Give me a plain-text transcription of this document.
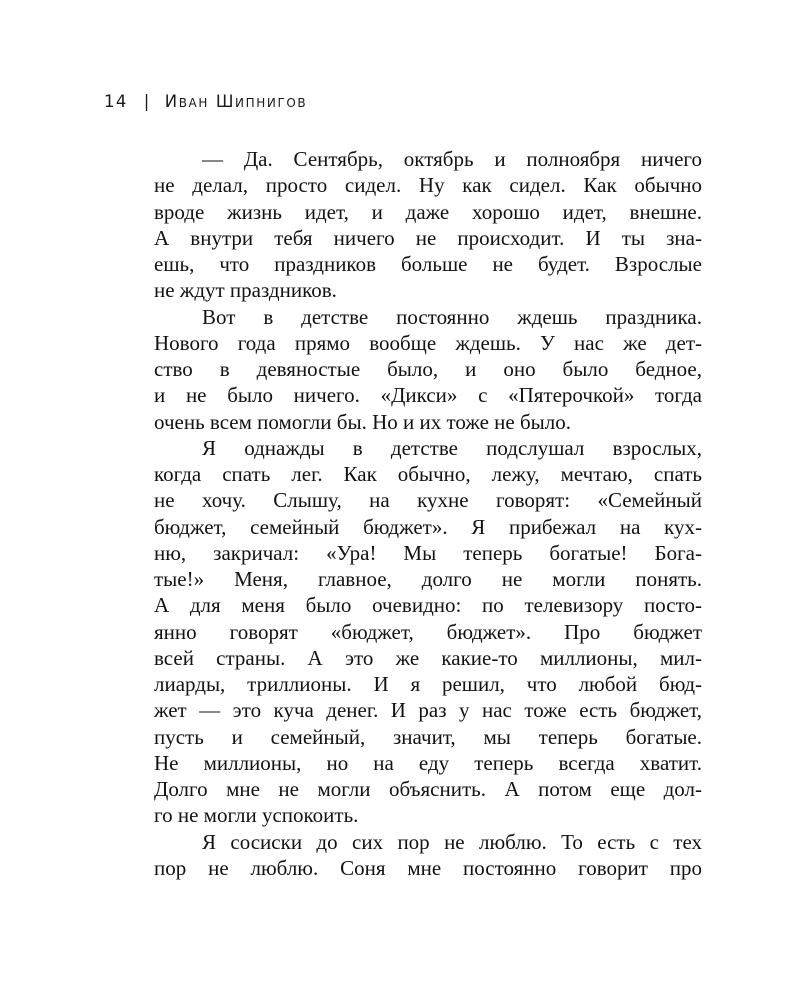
14 | Иван Шипнигов
— Да. Сентябрь, октябрь и полноября ничего
не делал, просто сидел. Ну как сидел. Как обычно
вроде жизнь идет, и даже хорошо идет, внешне.
А внутри тебя ничего не происходит. И ты зна-
ешь, что праздников больше не будет. Взрослые
не ждут праздников.
Вот в детстве постоянно ждешь праздника.
Нового года прямо вообще ждешь. У нас же дет-
ство в девяностые было, и оно было бедное,
и не было ничего. «Дикси» с «Пятерочкой» тогда
очень всем помогли бы. Но и их тоже не было.
Я однажды в детстве подслушал взрослых,
когда спать лег. Как обычно, лежу, мечтаю, спать
не хочу. Слышу, на кухне говорят: «Семейный
бюджет, семейный бюджет». Я прибежал на кух-
ню, закричал: «Ура! Мы теперь богатые! Бога-
тые!» Меня, главное, долго не могли понять.
А для меня было очевидно: по телевизору посто-
янно говорят «бюджет, бюджет». Про бюджет
всей страны. А это же какие-то миллионы, мил-
лиарды, триллионы. И я решил, что любой бюд-
жет — это куча денег. И раз у нас тоже есть бюджет,
пусть и семейный, значит, мы теперь богатые.
Не миллионы, но на еду теперь всегда хватит.
Долго мне не могли объяснить. А потом еще дол-
го не могли успокоить.
Я сосиски до сих пор не люблю. То есть с тех
пор не люблю. Соня мне постоянно говорит про
